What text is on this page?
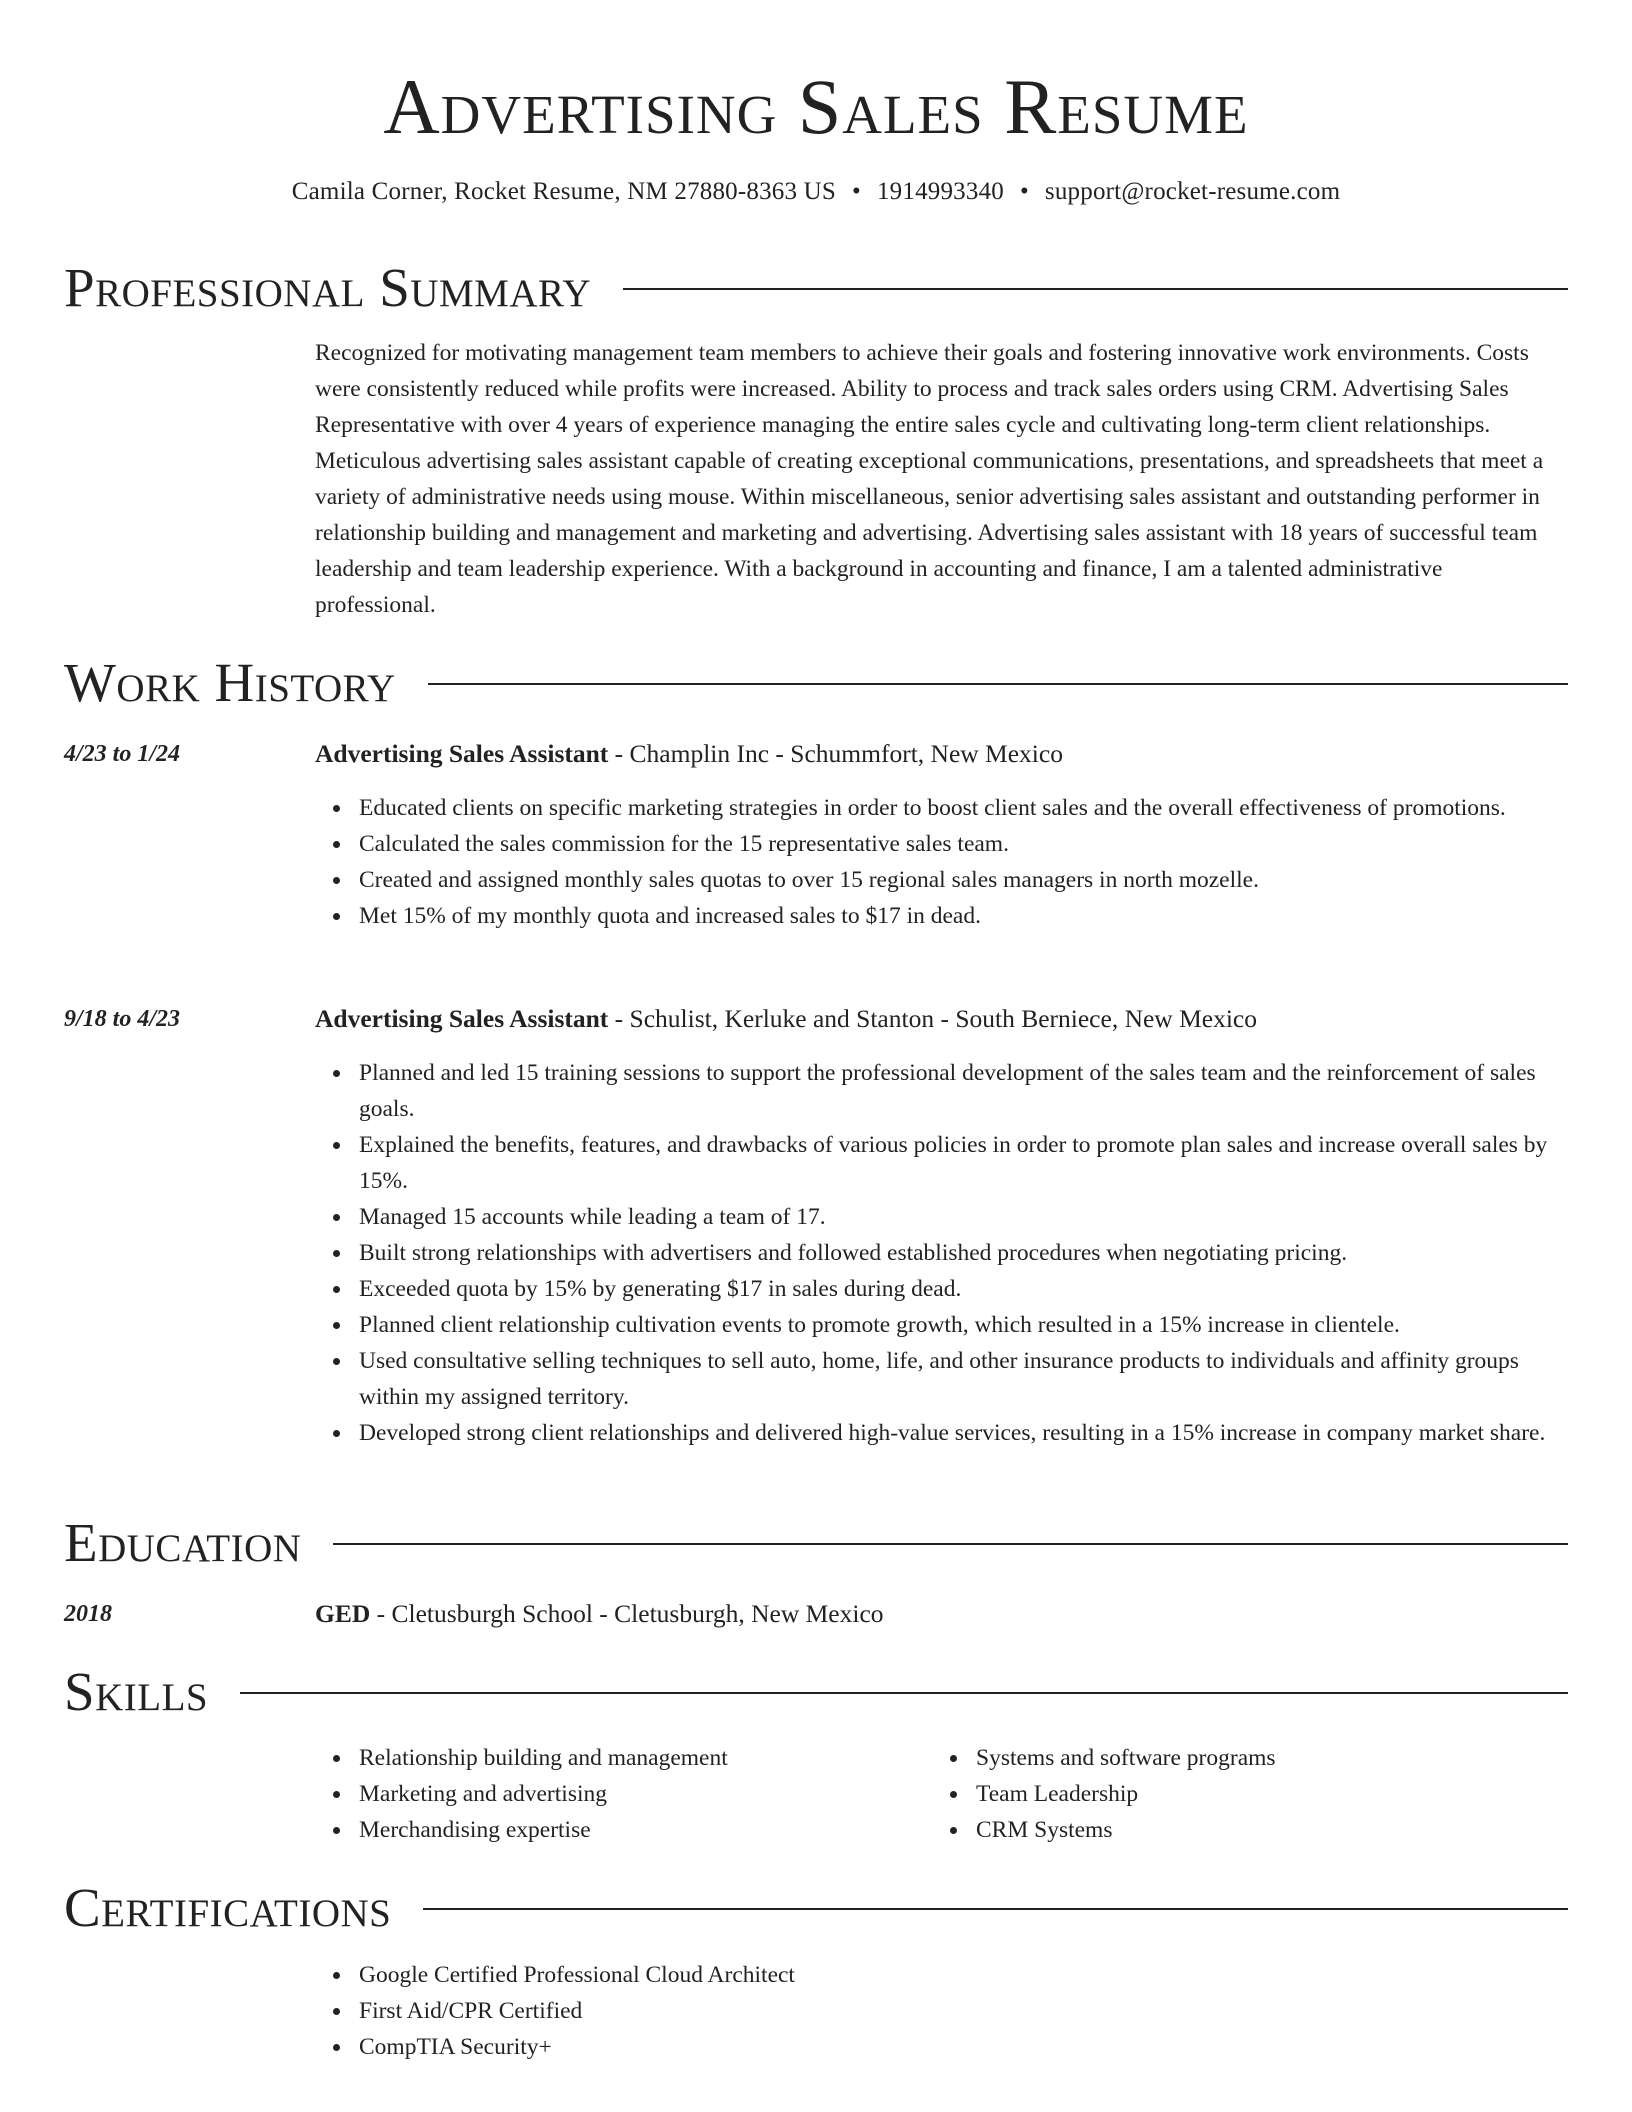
Advertising Sales Resume
Camila Corner, Rocket Resume, NM 27880-8363 US • 1914993340 • support@rocket-resume.com
Professional Summary

Recognized for motivating management team members to achieve their goals and fostering innovative work environments. Costs were consistently reduced while profits were increased. Ability to process and track sales orders using CRM. Advertising Sales Representative with over 4 years of experience managing the entire sales cycle and cultivating long-term client relationships. Meticulous advertising sales assistant capable of creating exceptional communications, presentations, and spreadsheets that meet a variety of administrative needs using mouse. Within miscellaneous, senior advertising sales assistant and outstanding performer in relationship building and management and marketing and advertising. Advertising sales assistant with 18 years of successful team leadership and team leadership experience. With a background in accounting and finance, I am a talented administrative professional.

Work History
4/23 to 1/24	Advertising Sales Assistant - Champlin Inc - Schummfort, New Mexico

Educated clients on specific marketing strategies in order to boost client sales and the overall effectiveness of promotions.
Calculated the sales commission for the 15 representative sales team.
Created and assigned monthly sales quotas to over 15 regional sales managers in north mozelle.
Met 15% of my monthly quota and increased sales to $17 in dead.
9/18 to 4/23	Advertising Sales Assistant - Schulist, Kerluke and Stanton - South Berniece, New Mexico

Planned and led 15 training sessions to support the professional development of the sales team and the reinforcement of sales goals.
Explained the benefits, features, and drawbacks of various policies in order to promote plan sales and increase overall sales by 15%.
Managed 15 accounts while leading a team of 17.
Built strong relationships with advertisers and followed established procedures when negotiating pricing.
Exceeded quota by 15% by generating $17 in sales during dead.
Planned client relationship cultivation events to promote growth, which resulted in a 15% increase in clientele.
Used consultative selling techniques to sell auto, home, life, and other insurance products to individuals and affinity groups within my assigned territory.
Developed strong client relationships and delivered high-value services, resulting in a 15% increase in company market share.
Education
2018	GED - Cletusburgh School - Cletusburgh, New Mexico

Skills
Relationship building and management
Marketing and advertising
Merchandising expertise
Systems and software programs
Team Leadership
CRM Systems
Certifications
Google Certified Professional Cloud Architect
First Aid/CPR Certified
CompTIA Security+
